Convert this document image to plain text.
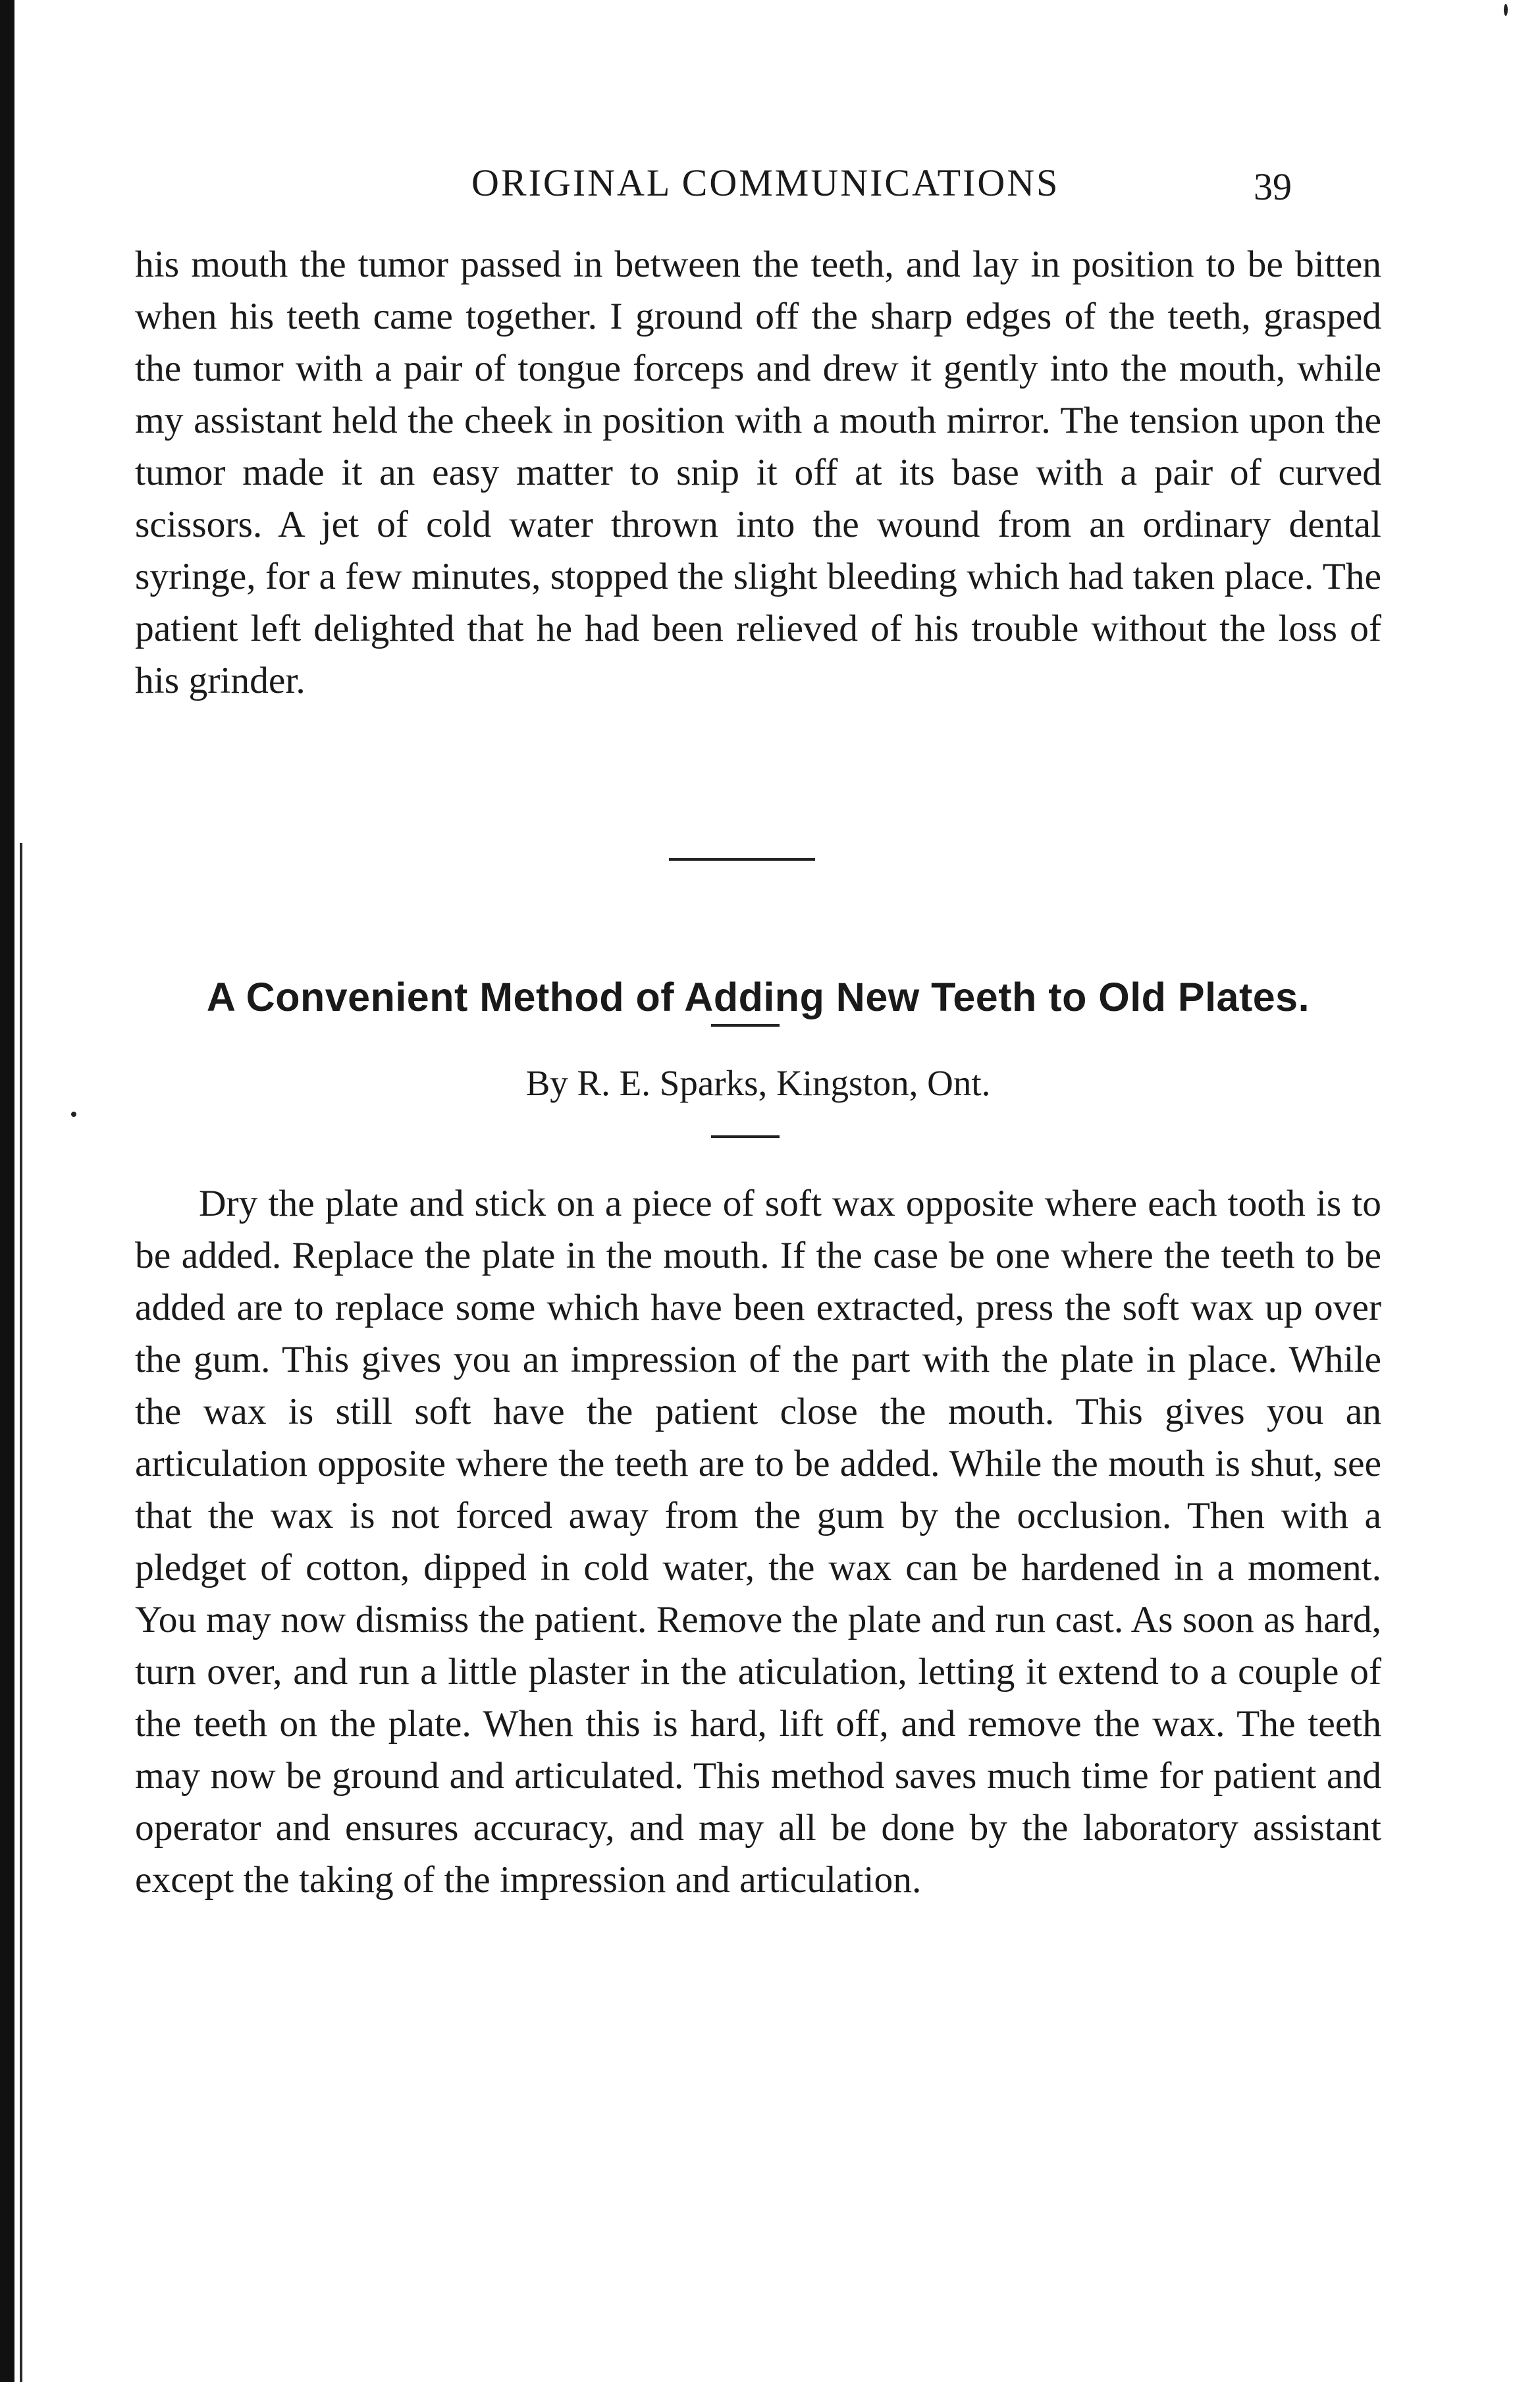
ORIGINAL COMMUNICATIONS	39

his mouth the tumor passed in between the teeth, and lay in position to be bitten when his teeth came together. I ground off the sharp edges of the teeth, grasped the tumor with a pair of tongue forceps and drew it gently into the mouth, while my assistant held the cheek in position with a mouth mirror. The tension upon the tumor made it an easy matter to snip it off at its base with a pair of curved scissors. A jet of cold water thrown into the wound from an ordinary dental syringe, for a few minutes, stopped the slight bleeding which had taken place. The patient left delighted that he had been relieved of his trouble without the loss of his grinder.

A Convenient Method of Adding New Teeth to Old Plates.
By R. E. Sparks, Kingston, Ont.

Dry the plate and stick on a piece of soft wax opposite where each tooth is to be added. Replace the plate in the mouth. If the case be one where the teeth to be added are to replace some which have been extracted, press the soft wax up over the gum. This gives you an impression of the part with the plate in place. While the wax is still soft have the patient close the mouth. This gives you an articulation opposite where the teeth are to be added. While the mouth is shut, see that the wax is not forced away from the gum by the occlusion. Then with a pledget of cotton, dipped in cold water, the wax can be hardened in a moment. You may now dismiss the patient. Remove the plate and run cast. As soon as hard, turn over, and run a little plaster in the aticulation, letting it extend to a couple of the teeth on the plate. When this is hard, lift off, and remove the wax. The teeth may now be ground and articulated. This method saves much time for patient and operator and ensures accuracy, and may all be done by the laboratory assistant except the taking of the impression and articulation.
